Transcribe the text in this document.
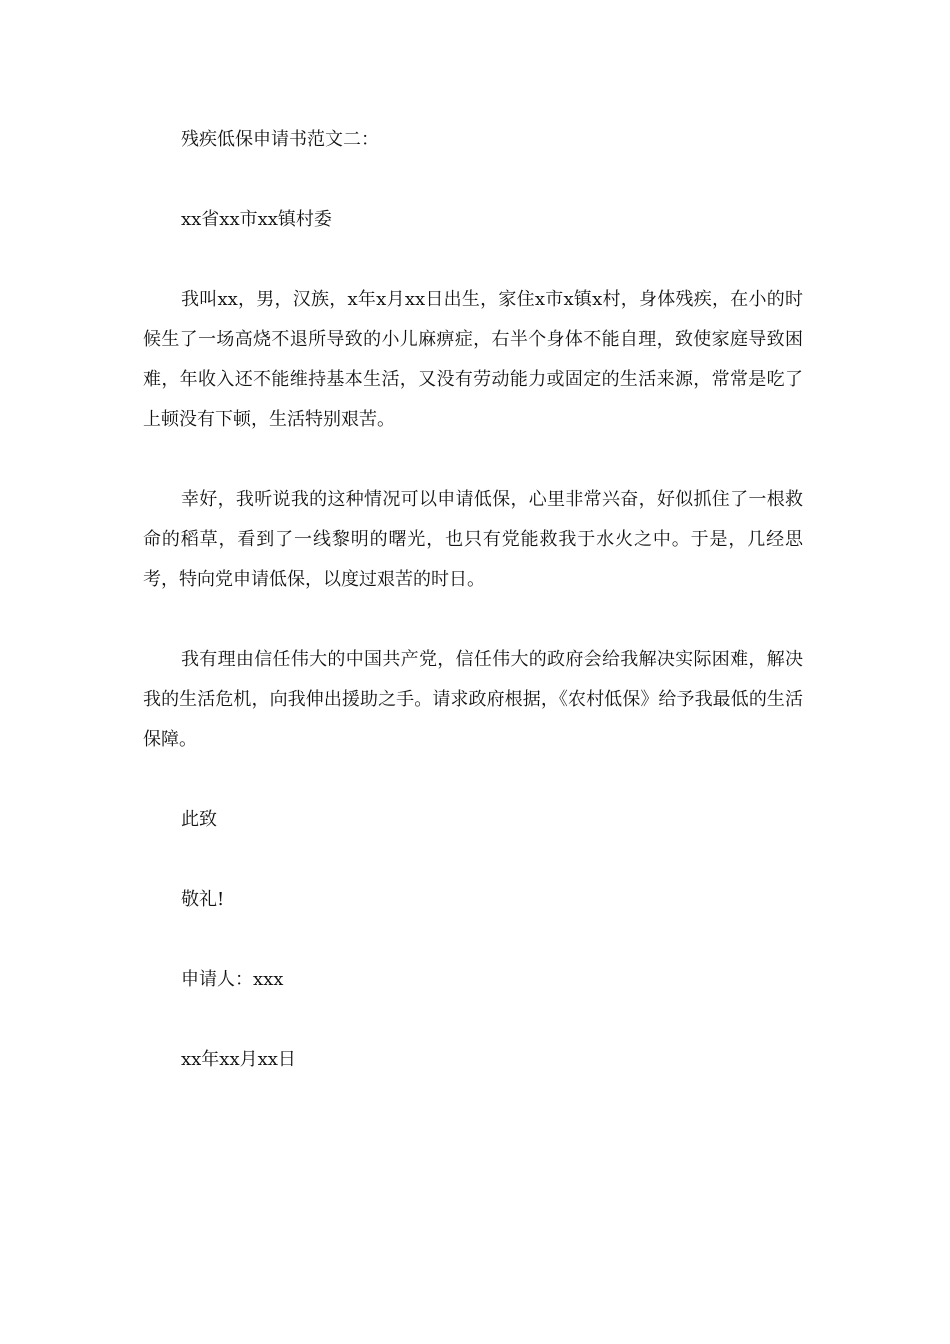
残疾低保申请书范文二：

xx省xx市xx镇村委

我叫xx，男，汉族，x年x月xx日出生，家住x市x镇x村，身体残疾，在小的时候生了一场高烧不退所导致的小儿麻痹症，右半个身体不能自理，致使家庭导致困难，年收入还不能维持基本生活，又没有劳动能力或固定的生活来源，常常是吃了上顿没有下顿，生活特别艰苦。

幸好，我听说我的这种情况可以申请低保，心里非常兴奋，好似抓住了一根救命的稻草，看到了一线黎明的曙光，也只有党能救我于水火之中。于是，几经思考，特向党申请低保，以度过艰苦的时日。

我有理由信任伟大的中国共产党，信任伟大的政府会给我解决实际困难，解决我的生活危机，向我伸出援助之手。请求政府根据，《农村低保》给予我最低的生活保障。

此致

敬礼!

申请人：xxx

xx年xx月xx日
